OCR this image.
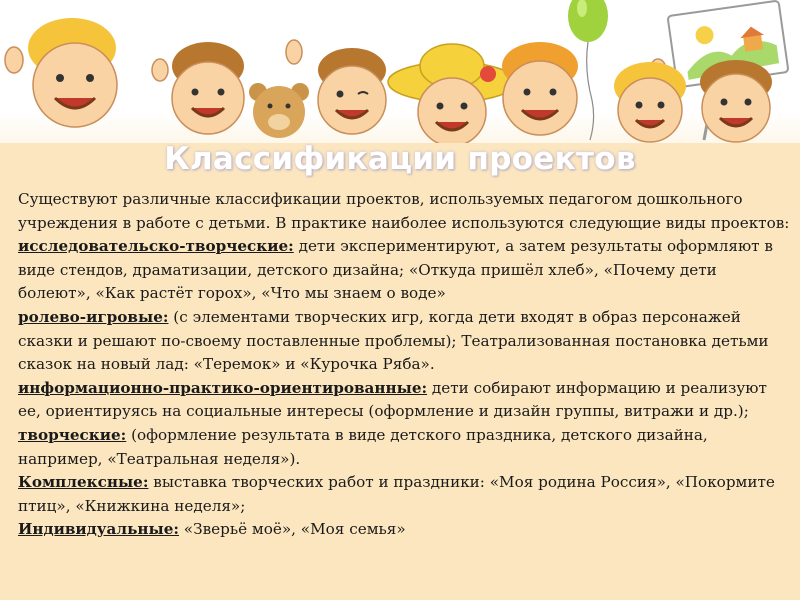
Классификации проектов

Существуют различные классификации проектов, используемых педагогом дошкольного учреждения в работе с детьми. В практике наиболее используются следующие виды проектов:

исследовательско-творческие: дети экспериментируют, а затем результаты оформляют в виде стендов, драматизации, детского дизайна; «Откуда пришёл хлеб», «Почему дети болеют», «Как растёт горох», «Что мы знаем о воде»

ролево-игровые: (с элементами творческих игр, когда дети входят в образ персонажей сказки и решают по-своему поставленные проблемы); Театрализованная постановка детьми сказок на новый лад: «Теремок» и «Курочка Ряба».

информационно-практико-ориентированные: дети собирают информацию и реализуют ее, ориентируясь на социальные интересы (оформление и дизайн группы, витражи и др.);

творческие: (оформление результата в виде детского праздника, детского дизайна, например, «Театральная неделя»).

Комплексные: выставка творческих работ и праздники: «Моя родина Россия», «Покормите птиц», «Книжкина неделя»;

Индивидуальные: «Зверьё моё», «Моя семья»
